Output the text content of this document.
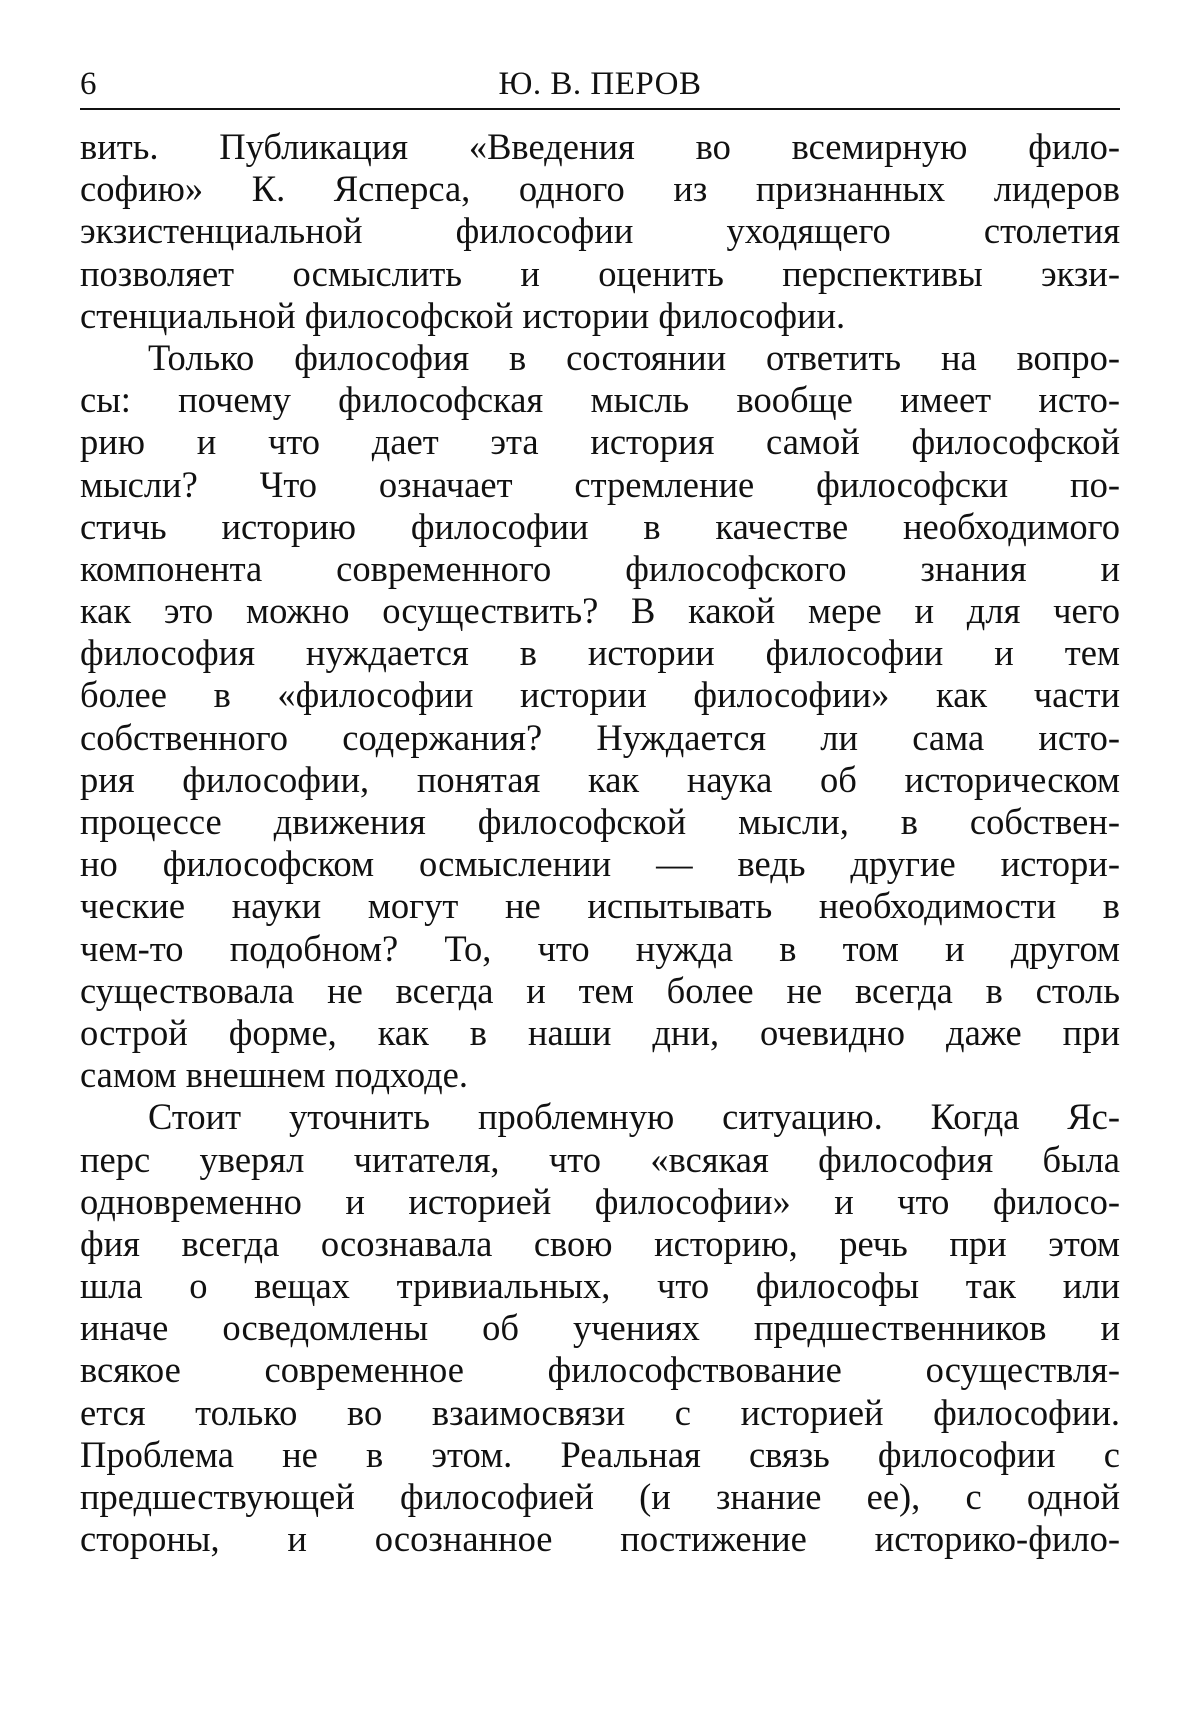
6	Ю. В. ПЕРОВ
вить. Публикация «Введения во всемирную фило-
софию» К. Ясперса, одного из признанных лидеров
экзистенциальной философии уходящего столетия
позволяет осмыслить и оценить перспективы экзи-
стенциальной философской истории философии.
Только философия в состоянии ответить на вопро-
сы: почему философская мысль вообще имеет исто-
рию и что дает эта история самой философской
мысли? Что означает стремление философски по-
стичь историю философии в качестве необходимого
компонента современного философского знания и
как это можно осуществить? В какой мере и для чего
философия нуждается в истории философии и тем
более в «философии истории философии» как части
собственного содержания? Нуждается ли сама исто-
рия философии, понятая как наука об историческом
процессе движения философской мысли, в собствен-
но философском осмыслении — ведь другие истори-
ческие науки могут не испытывать необходимости в
чем-то подобном? То, что нужда в том и другом
существовала не всегда и тем более не всегда в столь
острой форме, как в наши дни, очевидно даже при
самом внешнем подходе.
Стоит уточнить проблемную ситуацию. Когда Яс-
перс уверял читателя, что «всякая философия была
одновременно и историей философии» и что филосо-
фия всегда осознавала свою историю, речь при этом
шла о вещах тривиальных, что философы так или
иначе осведомлены об учениях предшественников и
всякое современное философствование осуществля-
ется только во взаимосвязи с историей философии.
Проблема не в этом. Реальная связь философии с
предшествующей философией (и знание ее), с одной
стороны, и осознанное постижение историко-фило-
